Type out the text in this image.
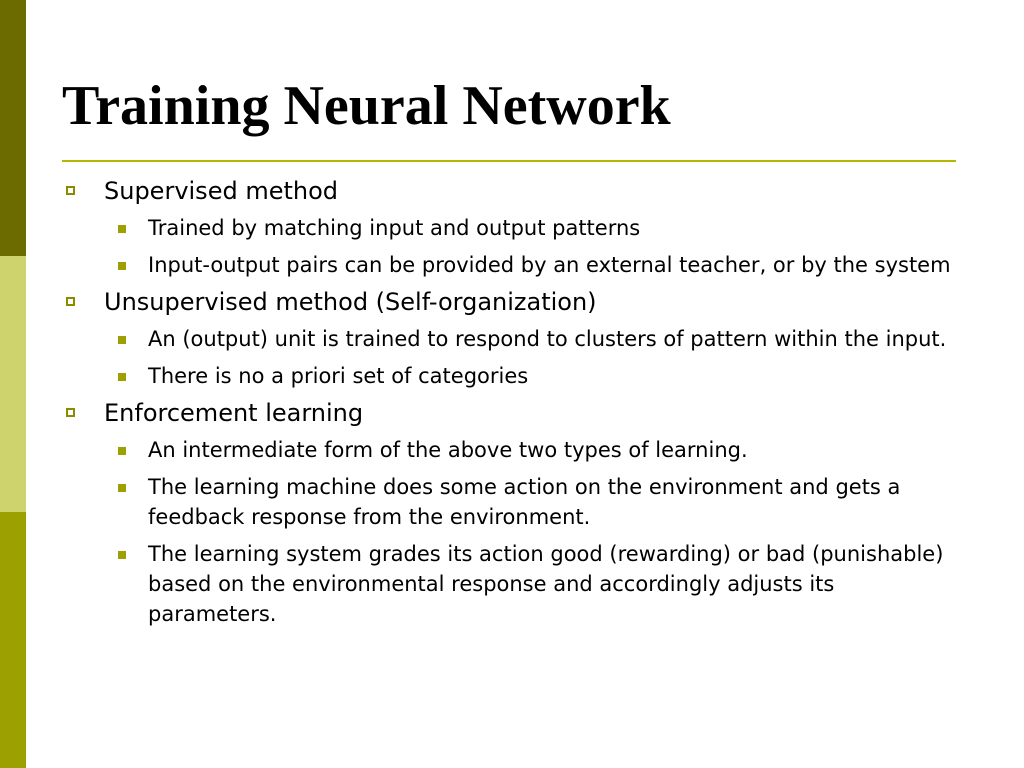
Training Neural Network
Supervised method
Trained by matching input and output patterns
Input-output pairs can be provided by an external teacher, or by the system
Unsupervised method (Self-organization)
An (output) unit is trained to respond to clusters of pattern within the input.
There is no a priori set of categories
Enforcement learning
An intermediate form of the above two types of learning.
The learning machine does some action on the environment and gets a feedback response from the environment.
The learning system grades its action good (rewarding) or bad (punishable) based on the environmental response and accordingly adjusts its parameters.
